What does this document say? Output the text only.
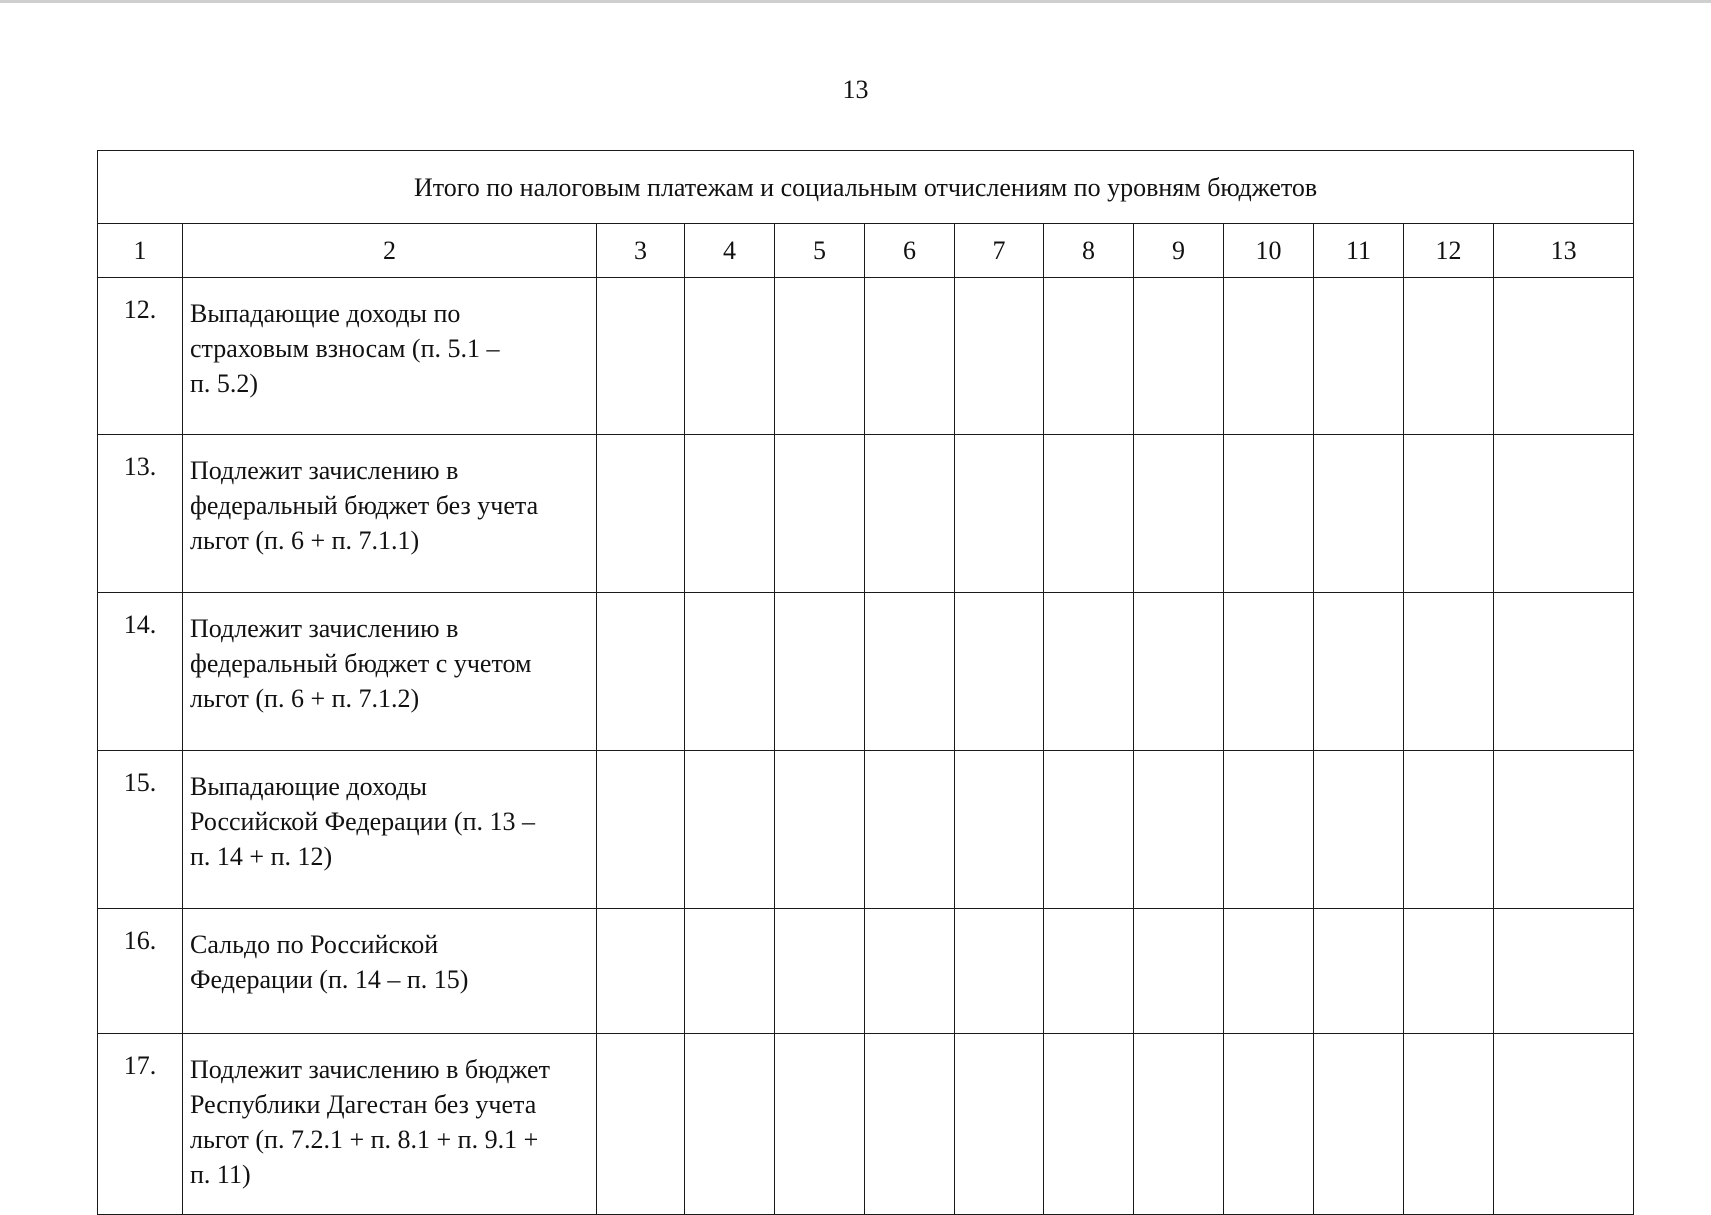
13
Итого по налоговым платежам и социальным отчислениям по уровням бюджетов												
1	2	3	4	5	6	7	8	9	10	11	12	13
12.	Выпадающие доходы по
страховым взносам (п. 5.1 –
п. 5.2)											
13.	Подлежит зачислению в
федеральный бюджет без учета
льгот (п. 6 + п. 7.1.1)											
14.	Подлежит зачислению в
федеральный бюджет с учетом
льгот (п. 6 + п. 7.1.2)											
15.	Выпадающие доходы
Российской Федерации (п. 13 –
п. 14 + п. 12)											
16.	Сальдо по Российской
Федерации (п. 14 – п. 15)											
17.	Подлежит зачислению в бюджет
Республики Дагестан без учета
льгот (п. 7.2.1 + п. 8.1 + п. 9.1 +
п. 11)											
